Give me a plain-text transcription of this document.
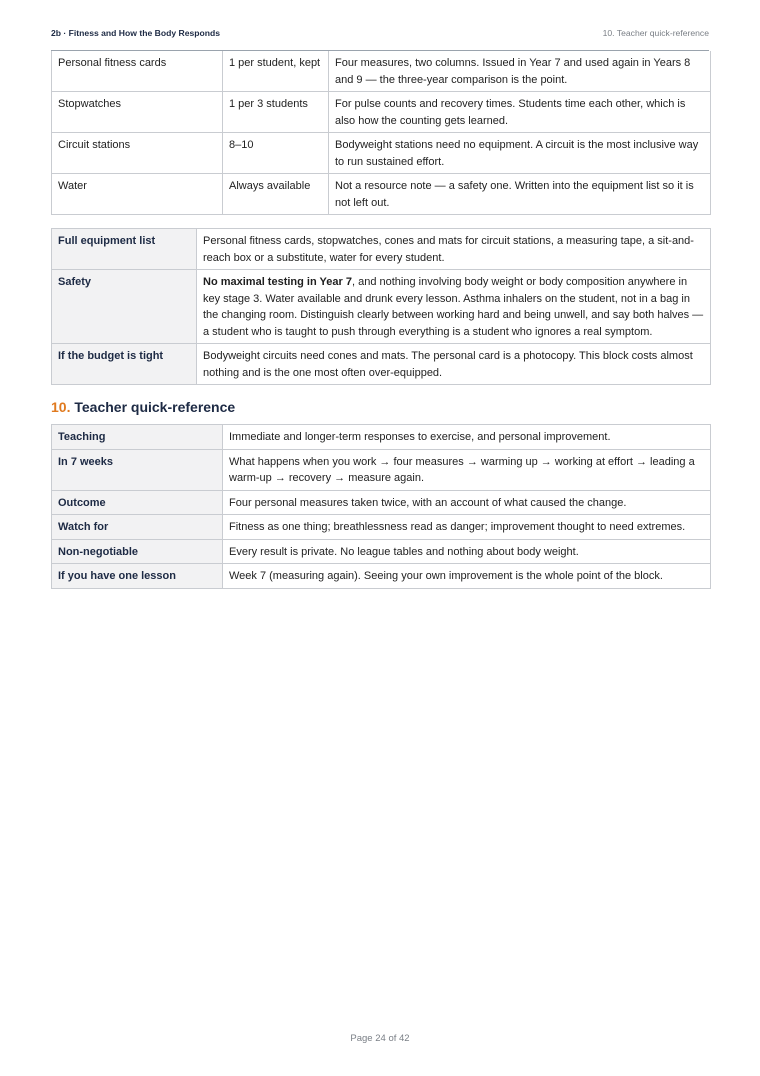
2b · Fitness and How the Body Responds	10. Teacher quick-reference
Personal fitness cards	1 per student, kept	Four measures, two columns. Issued in Year 7 and used again in Years 8 and 9 — the three-year comparison is the point.
Stopwatches	1 per 3 students	For pulse counts and recovery times. Students time each other, which is also how the counting gets learned.
Circuit stations	8–10	Bodyweight stations need no equipment. A circuit is the most inclusive way to run sustained effort.
Water	Always available	Not a resource note — a safety one. Written into the equipment list so it is not left out.
Full equipment list	Personal fitness cards, stopwatches, cones and mats for circuit stations, a measuring tape, a sit-and-reach box or a substitute, water for every student.
Safety	No maximal testing in Year 7, and nothing involving body weight or body composition anywhere in key stage 3. Water available and drunk every lesson. Asthma inhalers on the student, not in a bag in the changing room. Distinguish clearly between working hard and being unwell, and say both halves — a student who is taught to push through everything is a student who ignores a real symptom.
If the budget is tight	Bodyweight circuits need cones and mats. The personal card is a photocopy. This block costs almost nothing and is the one most often over-equipped.
10. Teacher quick-reference
Teaching	Immediate and longer-term responses to exercise, and personal improvement.
In 7 weeks	What happens when you work → four measures → warming up → working at effort → leading a warm-up → recovery → measure again.
Outcome	Four personal measures taken twice, with an account of what caused the change.
Watch for	Fitness as one thing; breathlessness read as danger; improvement thought to need extremes.
Non-negotiable	Every result is private. No league tables and nothing about body weight.
If you have one lesson	Week 7 (measuring again). Seeing your own improvement is the whole point of the block.
Page 24 of 42
